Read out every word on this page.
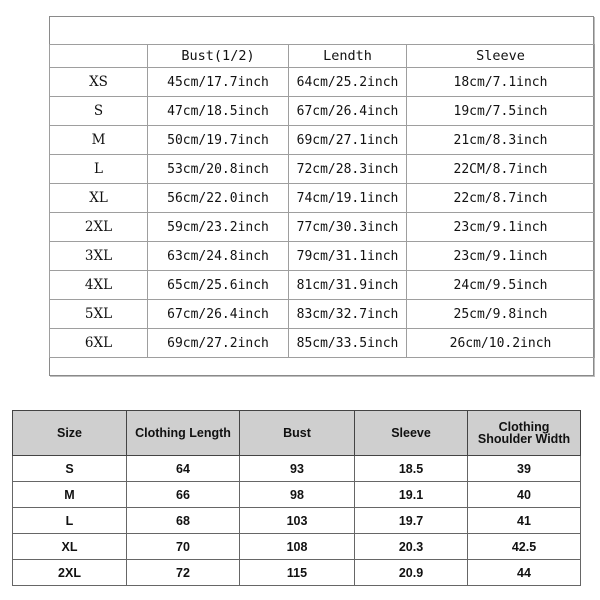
	Bust(1/2)	Lendth	Sleeve
XS	45cm/17.7inch	64cm/25.2inch	18cm/7.1inch
S	47cm/18.5inch	67cm/26.4inch	19cm/7.5inch
M	50cm/19.7inch	69cm/27.1inch	21cm/8.3inch
L	53cm/20.8inch	72cm/28.3inch	22CM/8.7inch
XL	56cm/22.0inch	74cm/19.1inch	22cm/8.7inch
2XL	59cm/23.2inch	77cm/30.3inch	23cm/9.1inch
3XL	63cm/24.8inch	79cm/31.1inch	23cm/9.1inch
4XL	65cm/25.6inch	81cm/31.9inch	24cm/9.5inch
5XL	67cm/26.4inch	83cm/32.7inch	25cm/9.8inch
6XL	69cm/27.2inch	85cm/33.5inch	26cm/10.2inch
Size	Clothing Length	Bust	Sleeve	Clothing Shoulder Width
S	64	93	18.5	39
M	66	98	19.1	40
L	68	103	19.7	41
XL	70	108	20.3	42.5
2XL	72	115	20.9	44
